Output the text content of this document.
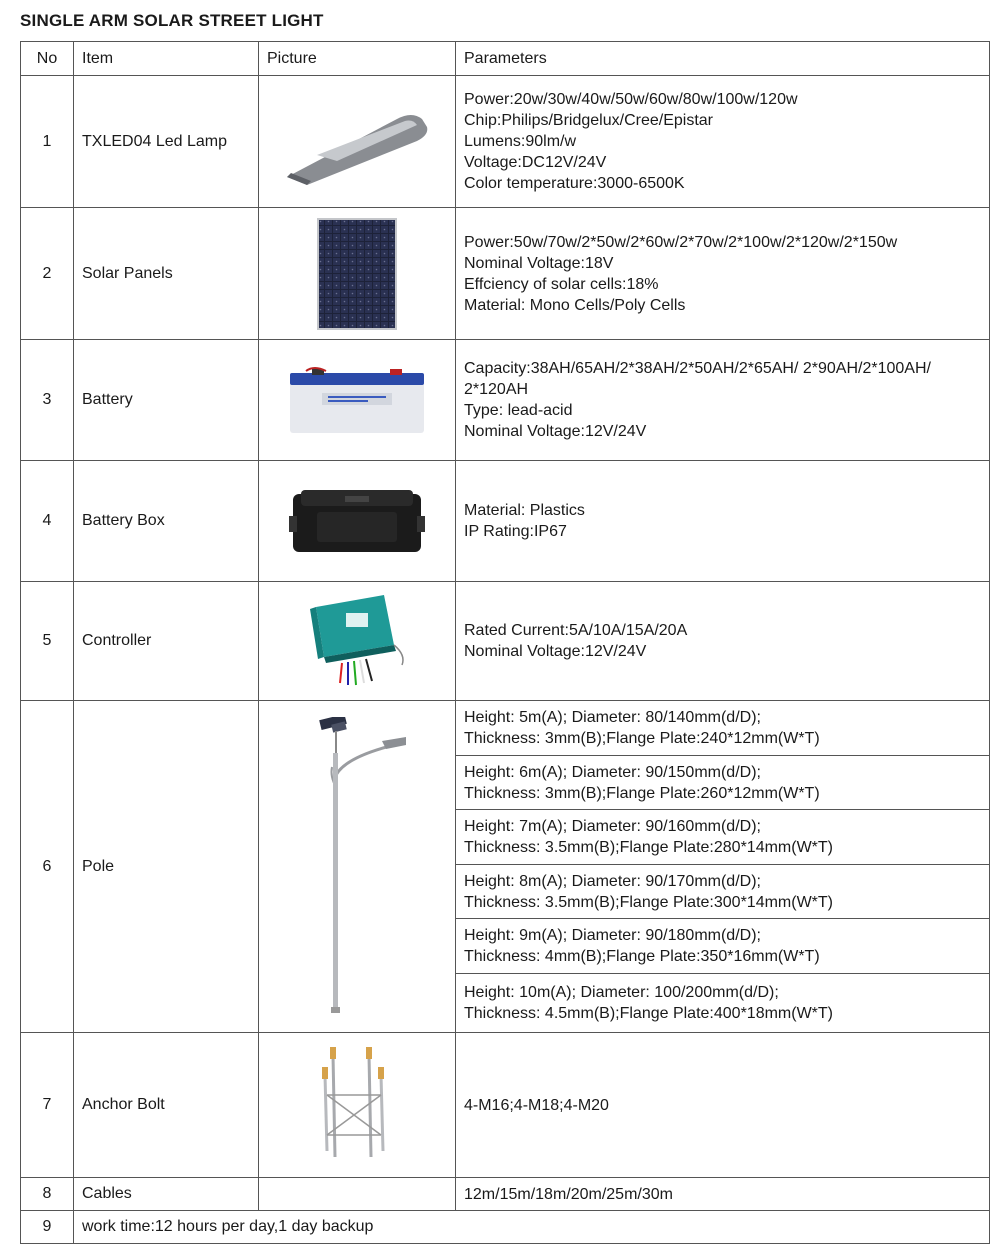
SINGLE ARM SOLAR STREET LIGHT
No	Item	Picture	Parameters
1	TXLED04 Led Lamp		Power:20w/30w/40w/50w/60w/80w/100w/120w
Chip:Philips/Bridgelux/Cree/Epistar
Lumens:90lm/w
Voltage:DC12V/24V
Color temperature:3000-6500K

2	Solar Panels		Power:50w/70w/2*50w/2*60w/2*70w/2*100w/2*120w/2*150w
Nominal Voltage:18V
Effciency of solar cells:18%
Material: Mono Cells/Poly Cells

3	Battery		Capacity:38AH/65AH/2*38AH/2*50AH/2*65AH/ 2*90AH/2*100AH/ 2*120AH
Type: lead-acid
Nominal Voltage:12V/24V

4	Battery Box		Material: Plastics
IP Rating:IP67

5	Controller		Rated Current:5A/10A/15A/20A
Nominal Voltage:12V/24V

6	Pole		Height: 5m(A); Diameter: 80/140mm(d/D);
Thickness: 3mm(B);Flange Plate:240*12mm(W*T)

			Height: 6m(A); Diameter: 90/150mm(d/D);
Thickness: 3mm(B);Flange Plate:260*12mm(W*T)

			Height: 7m(A); Diameter: 90/160mm(d/D);
Thickness: 3.5mm(B);Flange Plate:280*14mm(W*T)

			Height: 8m(A); Diameter: 90/170mm(d/D);
Thickness: 3.5mm(B);Flange Plate:300*14mm(W*T)

			Height: 9m(A); Diameter: 90/180mm(d/D);
Thickness: 4mm(B);Flange Plate:350*16mm(W*T)

			Height: 10m(A); Diameter: 100/200mm(d/D);
Thickness: 4.5mm(B);Flange Plate:400*18mm(W*T)

7	Anchor Bolt		4-M16;4-M18;4-M20

8	Cables		12m/15m/18m/20m/25m/30m

9	work time:12 hours per day,1 day backup		
